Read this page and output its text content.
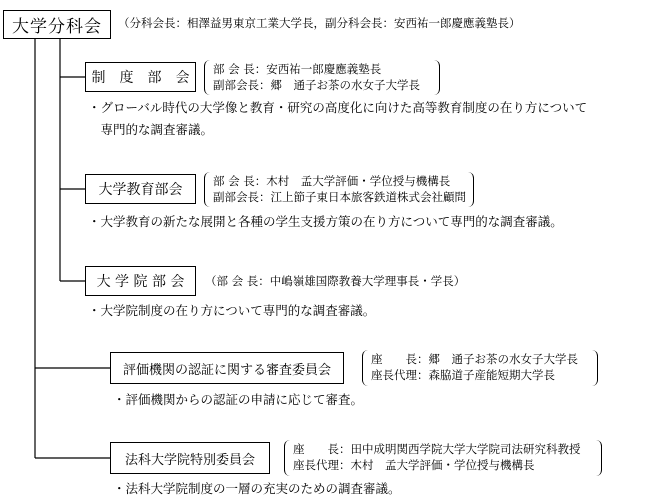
大学分科会 （分科会長：相澤益男東京工業大学長，副分科会長：安西祐一郎慶應義塾長）
制　度　部　会
部 会 長：安西祐一郎慶應義塾長
副部会長：郷　通子お茶の水女子大学長
・グローバル時代の大学像と教育・研究の高度化に向けた高等教育制度の在り方について
　専門的な調査審議。
大学教育部会
部 会 長：木村　孟大学評価・学位授与機構長
副部会長：江上節子東日本旅客鉄道株式会社顧問
・大学教育の新たな展開と各種の学生支援方策の在り方について専門的な調査審議。
大 学 院 部 会 （部 会 長：中嶋嶺雄国際教養大学理事長・学長）
・大学院制度の在り方について専門的な調査審議。
評価機関の認証に関する審査委員会
座　　長：郷　通子お茶の水女子大学長
座長代理：森脇道子産能短期大学長
・評価機関からの認証の申請に応じて審査。
法科大学院特別委員会
座　　長：田中成明関西学院大学大学院司法研究科教授
座長代理：木村　孟大学評価・学位授与機構長
・法科大学院制度の一層の充実のための調査審議。
